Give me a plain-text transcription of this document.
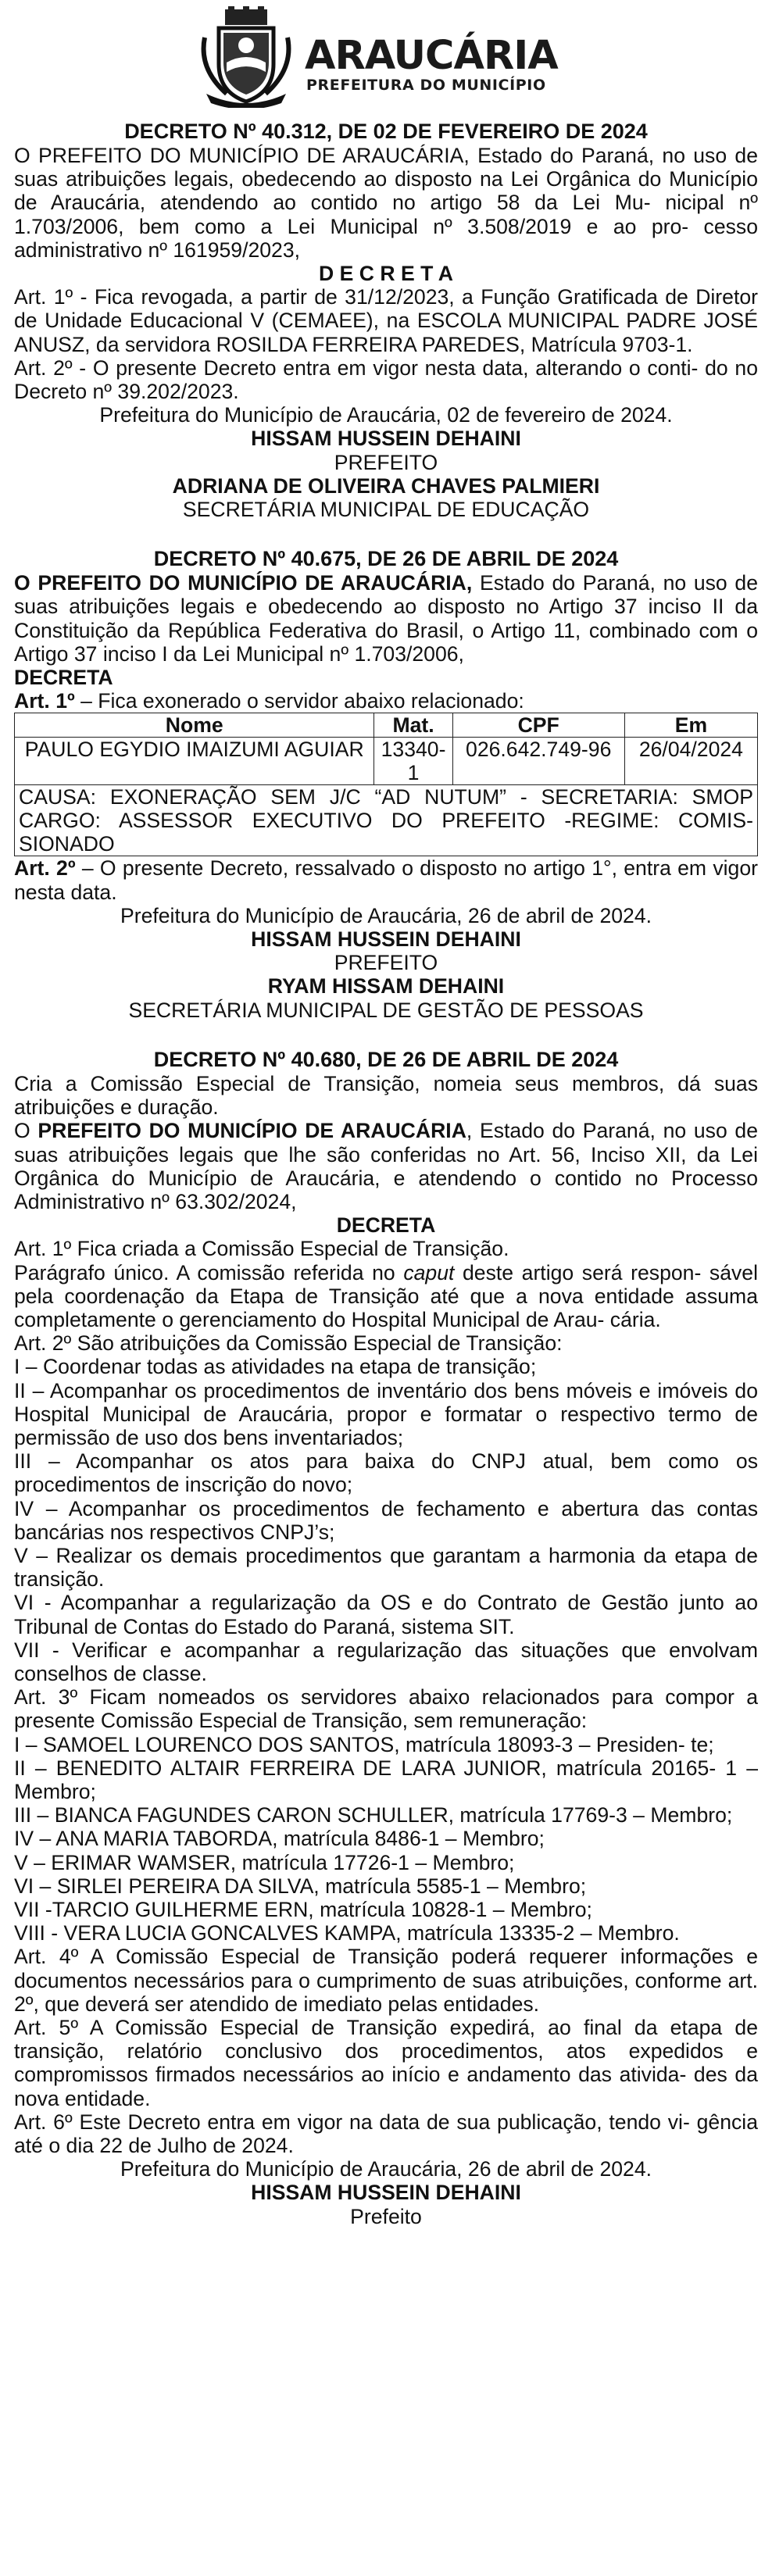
ARAUCÁRIA
PREFEITURA DO MUNICÍPIO

DECRETO Nº 40.312, DE 02 DE FEVEREIRO DE 2024

O PREFEITO DO MUNICÍPIO DE ARAUCÁRIA, Estado do Paraná, no uso de suas atribuições legais, obedecendo ao disposto na Lei Orgânica do Município de Araucária, atendendo ao contido no artigo 58 da Lei Mu- nicipal nº 1.703/2006, bem como a Lei Municipal nº 3.508/2019 e ao pro- cesso administrativo nº 161959/2023,

D E C R E T A

Art. 1º - Fica revogada, a partir de 31/12/2023, a Função Gratificada de Diretor de Unidade Educacional V (CEMAEE), na ESCOLA MUNICIPAL PADRE JOSÉ ANUSZ, da servidora ROSILDA FERREIRA PAREDES, Matrícula 9703-1.

Art. 2º - O presente Decreto entra em vigor nesta data, alterando o conti- do no Decreto nº 39.202/2023.

Prefeitura do Município de Araucária, 02 de fevereiro de 2024.

HISSAM HUSSEIN DEHAINI

PREFEITO

ADRIANA DE OLIVEIRA CHAVES PALMIERI

SECRETÁRIA MUNICIPAL DE EDUCAÇÃO

DECRETO Nº 40.675, DE 26 DE ABRIL DE 2024

O PREFEITO DO MUNICÍPIO DE ARAUCÁRIA, Estado do Paraná, no uso de suas atribuições legais e obedecendo ao disposto no Artigo 37 inciso II da Constituição da República Federativa do Brasil, o Artigo 11, combinado com o Artigo 37 inciso I da Lei Municipal nº 1.703/2006,

DECRETA

Art. 1º – Fica exonerado o servidor abaixo relacionado:

Nome	Mat.	CPF	Em
PAULO EGYDIO IMAIZUMI AGUIAR	13340-1	026.642.749-96	26/04/2024
CAUSA: EXONERAÇÃO SEM J/C “AD NUTUM” - SECRETARIA: SMOP CARGO: ASSESSOR EXECUTIVO DO PREFEITO -REGIME: COMIS- SIONADO			

Art. 2º – O presente Decreto, ressalvado o disposto no artigo 1°, entra em vigor nesta data.

Prefeitura do Município de Araucária, 26 de abril de 2024.

HISSAM HUSSEIN DEHAINI

PREFEITO

RYAM HISSAM DEHAINI

SECRETÁRIA MUNICIPAL DE GESTÃO DE PESSOAS

DECRETO Nº 40.680, DE 26 DE ABRIL DE 2024

Cria a Comissão Especial de Transição, nomeia seus membros, dá suas atribuições e duração.

O PREFEITO DO MUNICÍPIO DE ARAUCÁRIA, Estado do Paraná, no uso de suas atribuições legais que lhe são conferidas no Art. 56, Inciso XII, da Lei Orgânica do Município de Araucária, e atendendo o contido no Processo Administrativo nº 63.302/2024,

DECRETA

Art. 1º Fica criada a Comissão Especial de Transição.

Parágrafo único. A comissão referida no caput deste artigo será respon- sável pela coordenação da Etapa de Transição até que a nova entidade assuma completamente o gerenciamento do Hospital Municipal de Arau- cária.

Art. 2º São atribuições da Comissão Especial de Transição:

I – Coordenar todas as atividades na etapa de transição;

II – Acompanhar os procedimentos de inventário dos bens móveis e imóveis do Hospital Municipal de Araucária, propor e formatar o respectivo termo de permissão de uso dos bens inventariados;

III – Acompanhar os atos para baixa do CNPJ atual, bem como os procedimentos de inscrição do novo;

IV – Acompanhar os procedimentos de fechamento e abertura das contas bancárias nos respectivos CNPJ’s;

V – Realizar os demais procedimentos que garantam a harmonia da etapa de transição.

VI - Acompanhar a regularização da OS e do Contrato de Gestão junto ao Tribunal de Contas do Estado do Paraná, sistema SIT.

VII - Verificar e acompanhar a regularização das situações que envolvam conselhos de classe.

Art. 3º Ficam nomeados os servidores abaixo relacionados para compor a presente Comissão Especial de Transição, sem remuneração:

I – SAMOEL LOURENCO DOS SANTOS, matrícula 18093-3 – Presiden- te;

II – BENEDITO ALTAIR FERREIRA DE LARA JUNIOR, matrícula 20165- 1 – Membro;

III – BIANCA FAGUNDES CARON SCHULLER, matrícula 17769-3 – Membro;

IV – ANA MARIA TABORDA, matrícula 8486-1 – Membro;

V – ERIMAR WAMSER, matrícula 17726-1 – Membro;

VI – SIRLEI PEREIRA DA SILVA, matrícula 5585-1 – Membro;

VII -TARCIO GUILHERME ERN, matrícula 10828-1 – Membro;

VIII - VERA LUCIA GONCALVES KAMPA, matrícula 13335-2 – Membro.

Art. 4º A Comissão Especial de Transição poderá requerer informações e documentos necessários para o cumprimento de suas atribuições, conforme art. 2º, que deverá ser atendido de imediato pelas entidades.

Art. 5º A Comissão Especial de Transição expedirá, ao final da etapa de transição, relatório conclusivo dos procedimentos, atos expedidos e compromissos firmados necessários ao início e andamento das ativida- des da nova entidade.

Art. 6º Este Decreto entra em vigor na data de sua publicação, tendo vi- gência até o dia 22 de Julho de 2024.

Prefeitura do Município de Araucária, 26 de abril de 2024.

HISSAM HUSSEIN DEHAINI

Prefeito
